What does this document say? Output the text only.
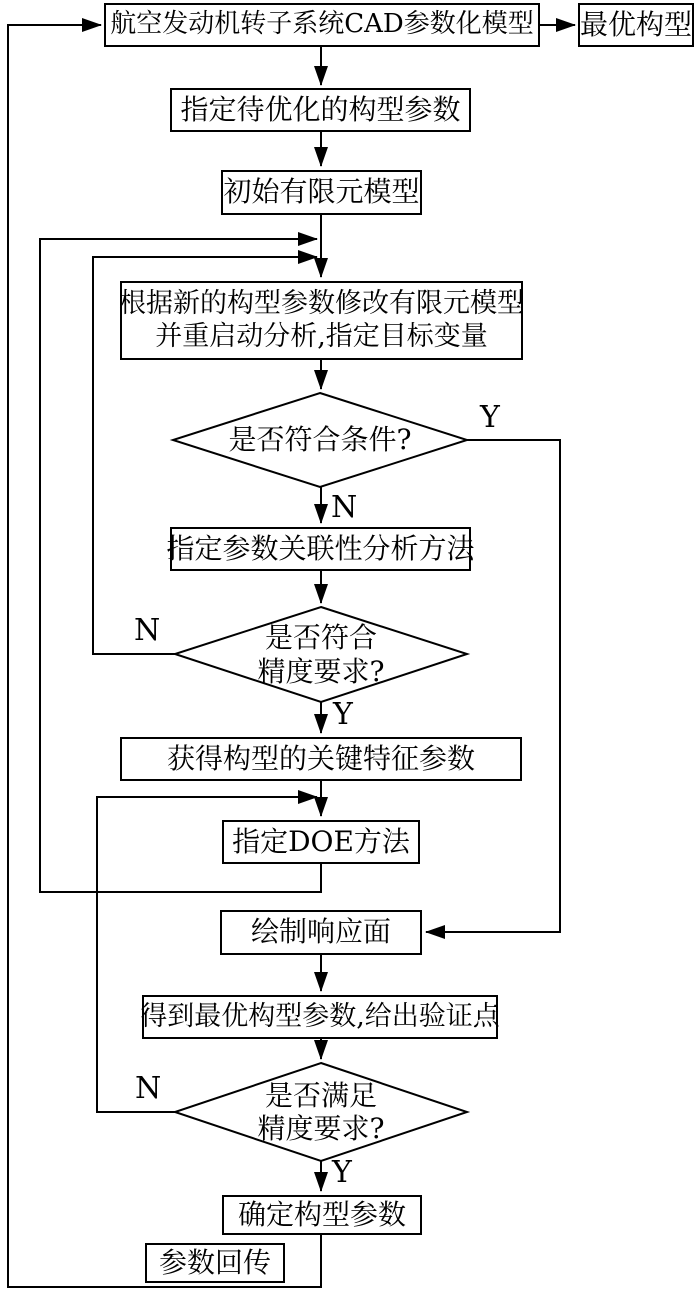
航空发动机转子系统CAD参数化模型 最优构型
指定待优化的构型参数
初始有限元模型
根据新的构型参数修改有限元模型
并重启动分析,指定目标变量
指定参数关联性分析方法
获得构型的关键特征参数
指定DOE方法
绘制响应面
得到最优构型参数,给出验证点
确定构型参数
参数回传
是否符合条件?
是否符合
精度要求?
是否满足
精度要求?
Y
N
N
Y
N
Y
